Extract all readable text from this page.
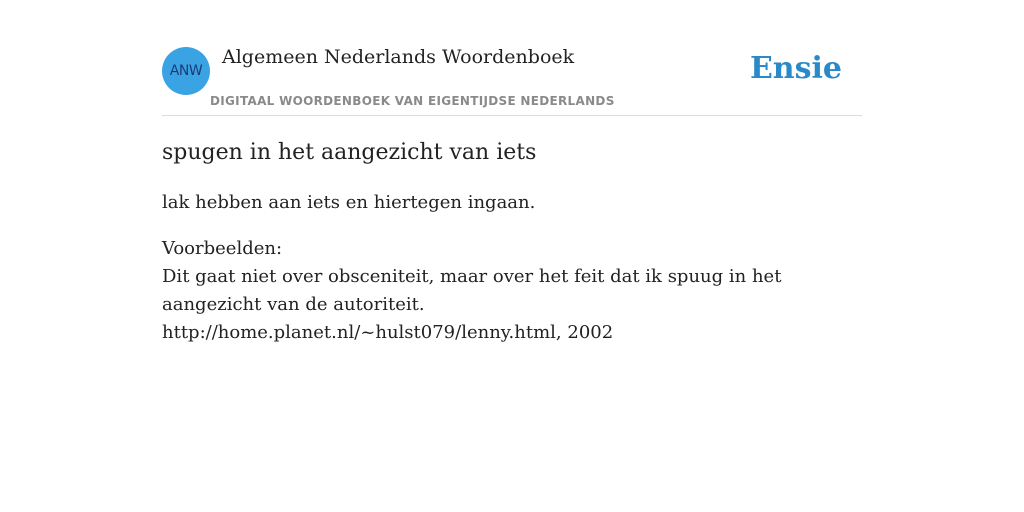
ANW
Algemeen Nederlands Woordenboek
DIGITAAL WOORDENBOEK VAN EIGENTIJDSE NEDERLANDS
Ensie
spugen in het aangezicht van iets

lak hebben aan iets en hiertegen ingaan.

Voorbeelden:
Dit gaat niet over obsceniteit, maar over het feit dat ik spuug in het aangezicht van de autoriteit.
http://home.planet.nl/~hulst079/lenny.html, 2002
